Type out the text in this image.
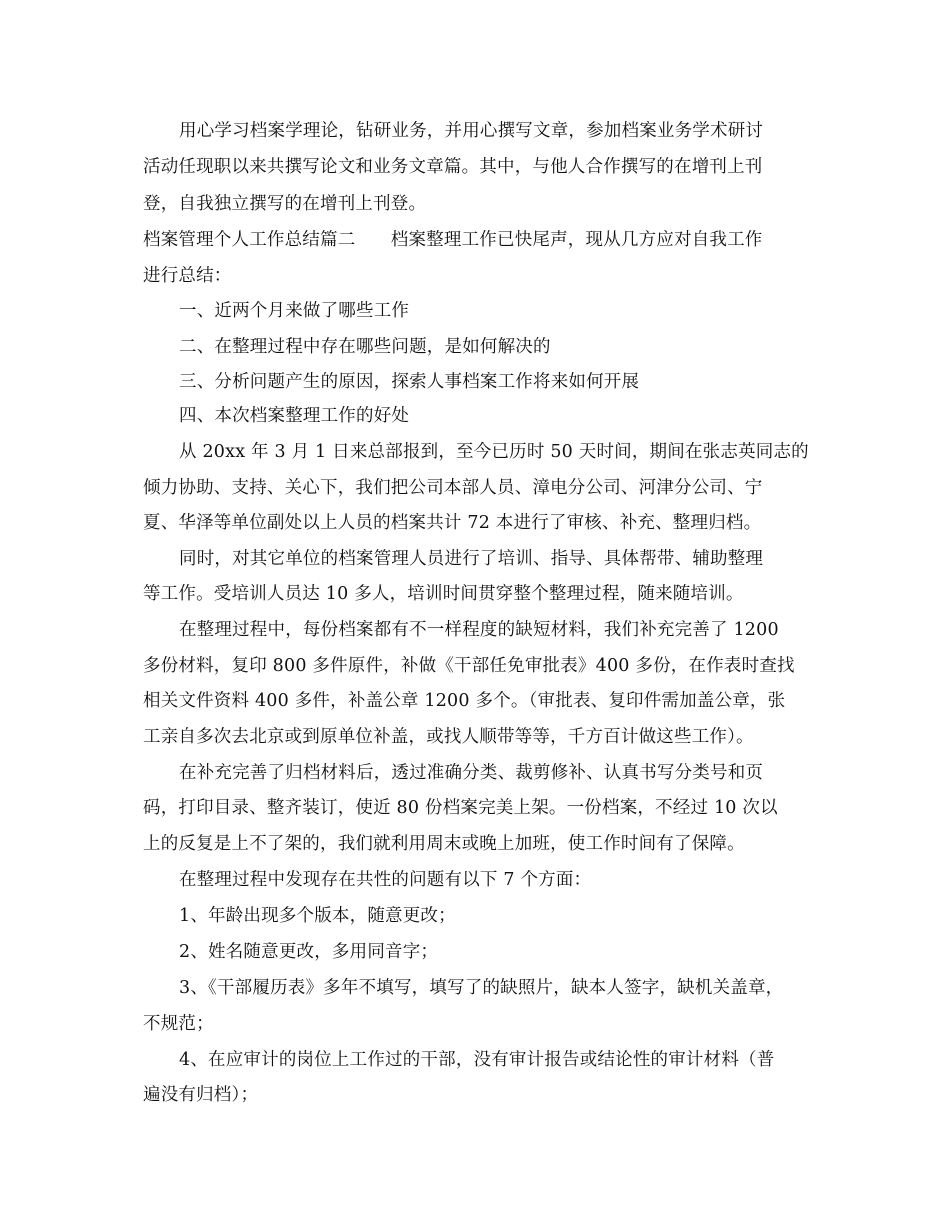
用心学习档案学理论，钻研业务，并用心撰写文章，参加档案业务学术研讨
活动任现职以来共撰写论文和业务文章篇。其中，与他人合作撰写的在增刊上刊
登，自我独立撰写的在增刊上刊登。
档案管理个人工作总结篇二　　档案整理工作已快尾声，现从几方应对自我工作
进行总结：
一、近两个月来做了哪些工作
二、在整理过程中存在哪些问题，是如何解决的
三、分析问题产生的原因，探索人事档案工作将来如何开展
四、本次档案整理工作的好处
从 20xx 年 3 月 1 日来总部报到，至今已历时 50 天时间，期间在张志英同志的
倾力协助、支持、关心下，我们把公司本部人员、漳电分公司、河津分公司、宁
夏、华泽等单位副处以上人员的档案共计 72 本进行了审核、补充、整理归档。
同时，对其它单位的档案管理人员进行了培训、指导、具体帮带、辅助整理
等工作。受培训人员达 10 多人，培训时间贯穿整个整理过程，随来随培训。
在整理过程中，每份档案都有不一样程度的缺短材料，我们补充完善了 1200
多份材料，复印 800 多件原件，补做《干部任免审批表》400 多份，在作表时查找
相关文件资料 400 多件，补盖公章 1200 多个。（审批表、复印件需加盖公章，张
工亲自多次去北京或到原单位补盖，或找人顺带等等，千方百计做这些工作）。
在补充完善了归档材料后，透过准确分类、裁剪修补、认真书写分类号和页
码，打印目录、整齐装订，使近 80 份档案完美上架。一份档案，不经过 10 次以
上的反复是上不了架的，我们就利用周末或晚上加班，使工作时间有了保障。
在整理过程中发现存在共性的问题有以下 7 个方面：
1、年龄出现多个版本，随意更改；
2、姓名随意更改，多用同音字；
3、《干部履历表》多年不填写，填写了的缺照片，缺本人签字，缺机关盖章，
不规范；
4、在应审计的岗位上工作过的干部，没有审计报告或结论性的审计材料（普
遍没有归档）；
